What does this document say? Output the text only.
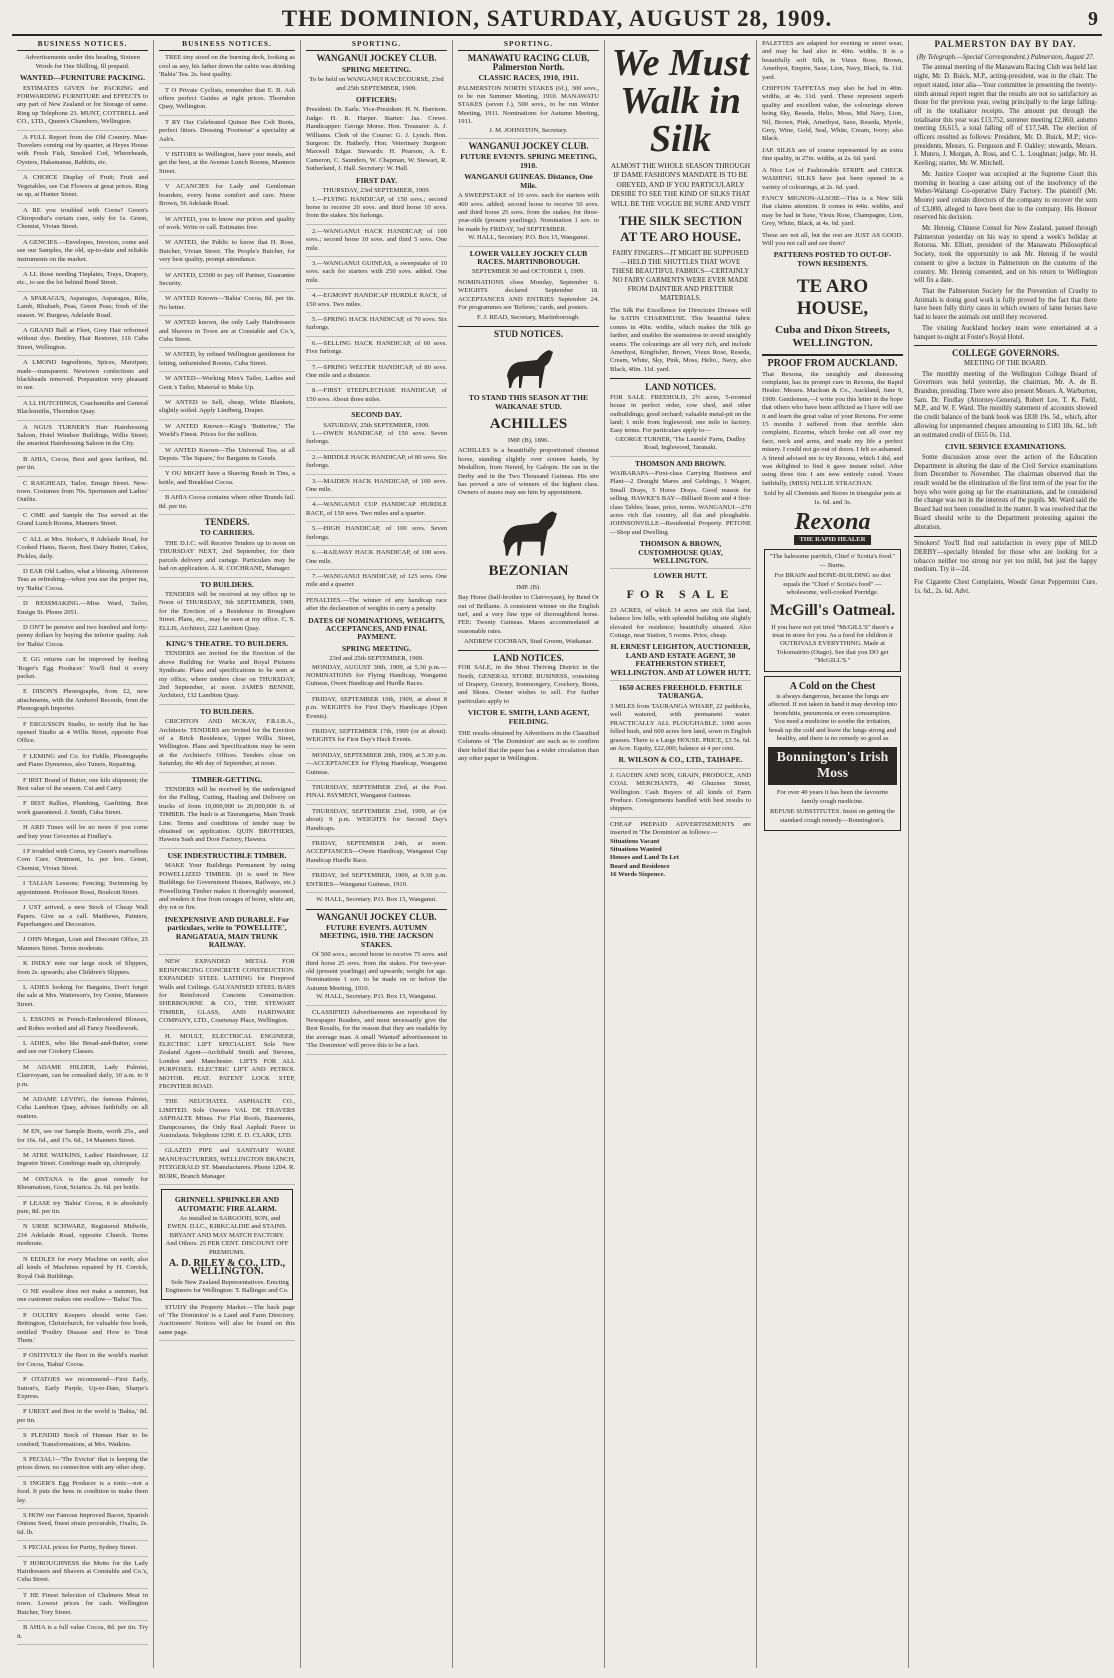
THE DOMINION, SATURDAY, AUGUST 28, 1909.	9
BUSINESS NOTICES.
Advertisements under this heading, Sixteen Words for One Shilling, Ill prepaid.
WANTED—FURNITURE PACKING.

ESTIMATES GIVEN for PACKING and FORWARDING FURNITURE and EFFECTS to any part of New Zealand or for Storage of same. Ring up Telephone 23. MUNT, COTTRELL and CO., LTD., Queen's Chambers, Wellington.

A FULL Report from the Old Country. Man-Travelers coming out by quarter, at Heyes House with Fresh Fish, Smoked Cod, Whereheads, Oysters, Hakamanas, Rabbits, etc.

A CHOICE Display of Fruit; Fruit and Vegetables, see Cut Flowers at great prices. Ring us up, at Hunter Street.

A RE you troubled with Corns? Green's Chiropodist's certain cure, only for 1s. Green, Chemist, Vivian Street.

A GENCIES.—Envelopes, Invoices, come and see our Samples, the old, up-to-date and reliable instruments on the market.

A LL those needing Tinplates, Trays, Drapery, etc., to see the lot behind Bond Street.

A SPARAGUS, Asparagus, Asparagus, Ribs, Lamb, Rhubarb, Peas, Green Peas; fresh of the season. W. Burgess, Adelaide Road.

A GRAND Ball at Fleet, Grey Hair reformed without dye. Bentley, Hair Restorer, 116 Cuba Street, Wellington.

A LMOND Ingredients, Spices, Marzipan; made—transparent. Newtown confections and blackheads removed. Preparation very pleasant to use.

A LL HUTCHINGS, Coachsmiths and General Blacksmiths, Thorndon Quay.

A NGUS TURNER'S Hair Hairdressing Saloon, Hotel Windsor Buildings, Willis Street; the smartest Hairdressing Saloon in the City.

B AHIA, Cocoa, Best and goes farthest, 8d. per tin.

C RAIGHEAD, Tailor, Ensign Street. New-town. Costumes from 70s. Sportsmen and Ladies' Outfits.

C OME and Sample the Tea served at the Grand Lunch Rooms, Manners Street.

C ALL at Mrs. Stoker's, 8 Adelaide Road, for Cooked Hams, Bacon, Best Dairy Butter, Cakes, Pickles, daily.

D EAR Old Ladies, what a blessing. Afternoon Teas as refreshing—when you use the proper tea, try 'Bahia' Cocoa.

D RESSMAKING.—Miss Ward, Tailor, Ensign St. Phone 2051.

D ON'T be pensive and two hundred and forty-penny dollars by buying the inferior quality. Ask for 'Bahia' Cocoa.

E GG returns can be improved by feeding 'Roger's Egg Producer.' You'll find it every packet.

E DISON'S Phonographs, from £2, new attachments, with the Amberol Records, from the Phonograph Importer.

F ERGUSSON Studio, to notify that he has opened Studio at 4 Willis Street, opposite Post Office.

F LEMING and Co. for Fiddle, Phonographs and Piano Dymemos, also Tuners, Repairing.

F IRST Brand of Butter, one kilo shipment; the Best value of the season. Cut and Carry.

F IRST Rallies, Plumbing, Gasfitting. Best work guaranteed. J. Smith, Cuba Street.

H ARD Times will be no more if you come and buy your Groceries at Findlay's.

I F troubled with Corns, try Green's marvellous Corn Cure. Ointment, 1s. per box. Green, Chemist, Vivian Street.

I TALIAN Lessons; Fencing; Swimming by appointment. Professor Rossi, Boulcott Street.

J UST arrived, a new Stock of Cheap Wall Papers. Give us a call. Matthews, Painters, Paperhangers and Decorators.

J OHN Morgan, Loan and Discount Office, 25 Manners Street. Terms moderate.

K INDLY note our large stock of Slippers, from 2s. upwards; also Children's Slippers.

L ADIES looking for Bargains, Don't forget the sale at Mrs. Watterson's, Ivy Centre, Manners Street.

L ESSONS in French-Embroidered Blouses, and Robes worked and all Fancy Needlework.

L ADIES, who like Bread-and-Butter, come and see our Cookery Classes.

M ADAME HILDER, Lady Palmist, Clairvoyant, can be consulted daily, 10 a.m. to 9 p.m.

M ADAME LEVING, the famous Palmist, Cuba Lambton Quay, advises faithfully on all matters.

M EN, see our Sample Boots, worth 25s., and for 16s. 6d., and 17s. 6d., 14 Manners Street.

M ATRE WATKINS, Ladies' Hairdresser, 12 Ingestre Street. Combings made up, chiropody.

M ONTANA is the great remedy for Rheumatism, Gout, Sciatica. 2s. 6d. per bottle.

P LEASE try 'Bahia' Cocoa, it is absolutely pure, 8d. per tin.

N URSE SCHWARZ, Registered Midwife, 234 Adelaide Road, opposite Church. Terms moderate.

N EEDLES for every Machine on earth; also all kinds of Machines repaired by H. Corrick, Royal Oak Buildings.

O NE swallow does not make a summer, but one customer makes one swallow—'Bahia' Tea.

P OULTRY Keepers should write Geo. Bettington, Christchurch, for valuable free book, entitled 'Poultry Disease and How to Treat Them.'

P OSITIVELY the Best in the world's market for Cocoa, 'Bahia' Cocoa.

P OTATOES we recommend—First Early, Sutton's, Early Purple, Up-to-Date, Sharpe's Express.

P UREST and Best in the world is 'Bahia,' 8d. per tin.

S PLENDID Stock of Human Hair to be combed; Transformations, at Mrs. Watkins.

S PECIAL!—'The Evictor' that is keeping the prices down; no connection with any other shop.

S INGER'S Egg Producer is a tonic—not a food. It puts the hens in condition to make them lay.

S HOW our Famous Improved Bacon, Spanish Onions Seed, finest strain procurable, Oxalis, 2s. 6d. lb.

S PECIAL prices for Purity, Sydney Street.

T HOROUGHNESS the Motto for the Lady Hairdressers and Shavers at Constable and Co.'s, Cuba Street.

T HE Finest Selection of Chalmers Meat in town. Lowest prices for cash. Wellington Butcher, Tory Street.

B AHIA is a full value Cocoa, 8d. per tin. Try it.

BUSINESS NOTICES.

TREE tiny stood on the burning deck, looking as cool as any, his father down the cabin was drinking 'Bahia' Tea. 2s. best quality.

T O Private Cyclists, remember that E. B. Ash offers perfect Guides at right prices. Thorndon Quay, Wellington.

T RY Our Celebrated Quinze Bee Colt Boots, perfect fitters. Dressing 'Footwear' a speciality at Ash's.

V ISITORS to Wellington, have your meals, and get the best, at the Avenue Lunch Rooms, Manners Street.

V ACANCIES for Lady and Gentleman boarders, every home comfort and care. Nurse Brown, 56 Adelaide Road.

W ANTED, you to know our prices and quality of work. Write or call. Estimates free.

W ANTED, the Public to know that H. Rose, Butcher, Vivian Street. The People's Butcher, for very best quality, prompt attendance.

W ANTED, £3500 to pay off Partner, Guarantee Security.

W ANTED Known—'Bahia' Cocoa, 8d. per tin. No better.

W ANTED known, the only Lady Hairdressers and Shavers in Town are at Constable and Co.'s, Cuba Street.

W ANTED, by refined Wellington gentlemen for letting, unfurnished Rooms, Cuba Street.

W ANTED—Working Men's Tailor, Ladies and Gent.'s Tailor, Material to Make Up.

W ANTED to Sell, cheap, White Blankets, slightly soiled. Apply Lindberg, Draper.

W ANTED Known—King's 'Butterine,' The World's Finest. Prices for the million.

W ANTED Known—The Universal Tea, at all Depots. 'The Square,' for Bargains in Goods.

Y OU MIGHT have a Shaving Brush in Tins, a kettle, and Breakfast Cocoa.

B AHIA Cocoa contains where other Brands fail. 8d. per tin.

TENDERS.
TO CARRIERS.

THE D.I.C. will Receive Tenders up to noon on THURSDAY NEXT, 2nd September, for their parcels delivery and cartage. Particulars may be had on application. A. R. COCHRANE, Manager.

TO BUILDERS.

TENDERS will be received at my office up to Noon of THURSDAY, 9th SEPTEMBER, 1909, for the Erection of a Residence in Brougham Street. Plans, etc., may be seen at my office. C. S. ELLIS, Architect, 222 Lambton Quay.

KING'S THEATRE. TO BUILDERS.

TENDERS are invited for the Erection of the above Building for Warke and Royal Pictures Syndicate. Plans and specifications to be seen at my office, where tenders close on THURSDAY, 2nd September, at noon. JAMES BENNIE, Architect, 132 Lambton Quay.

TO BUILDERS.

CRICHTON AND MCKAY, F.R.I.B.A., Architects. TENDERS are invited for the Erection of a Brick Residence, Upper Willis Street, Wellington. Plans and Specifications may be seen at the Architect's Offices. Tenders close on Saturday, the 4th day of September, at noon.

TIMBER-GETTING.

TENDERS will be received by the undersigned for the Felling, Cutting, Hauling and Delivery on trucks of from 10,000,000 to 20,000,000 ft. of TIMBER. The bush is at Taurangaroa, Main Trunk Line. Terms and conditions of tender may be obtained on application. QUIN BROTHERS, Hawera Sash and Door Factory, Hawera.

USE INDESTRUCTIBLE TIMBER.

MAKE Your Buildings Permanent by using POWELLIZED TIMBER. (It is used in New Buildings for Government Houses, Railways, etc.) Powellizing Timber makes it thoroughly seasoned, and renders it free from ravages of borer, white ant, dry rot or fire.

INEXPENSIVE AND DURABLE. For particulars, write to 'POWELLITE', RANGATAUA, MAIN TRUNK RAILWAY.

NEW EXPANDED METAL FOR REINFORCING CONCRETE CONSTRUCTION. EXPANDED STEEL LATHING for Fireproof Walls and Ceilings. GALVANISED STEEL BARS for Reinforced Concrete Construction. SHERBOURNE & CO., THE STEWART TIMBER, GLASS, AND HARDWARE COMPANY, LTD., Courtenay Place, Wellington.

H. MOULT, ELECTRICAL ENGINEER, ELECTRIC LIFT SPECIALIST. Sole New Zealand Agent—Archibald Smith and Stevens, London and Manchester. LIFTS FOR ALL PURPOSES. ELECTRIC LIFT AND PETROL MOTOR. PEAT. PATENT LOCK STEP, FRONTIER ROAD.

THE NEUCHATEL ASPHALTE CO., LIMITED. Sole Owners VAL DE TRAVERS ASPHALTE Mines. For Flat Roofs, Basements, Dampcourses, the Only Real Asphalt Paver in Australasia. Telephone 1290. E. D. CLARK, LTD.

GLAZED PIPE and SANITARY WARE MANUFACTURERS, WELLINGTON BRANCH, FITZGERALD ST. Manufacturers. Phone 1204. R. BURK, Branch Manager.

GRINNELL SPRINKLER AND AUTOMATIC FIRE ALARM.

As installed in SARGOOD, SON, and EWEN. D.I.C., KIRKCALDIE and STAINS. BRYANT AND MAY MATCH FACTORY. And Others. 25 PER CENT. DISCOUNT OFF PREMIUMS.

A. D. RILEY & CO., LTD., WELLINGTON.

Sole New Zealand Representatives. Erecting Engineers for Wellington: T. Ballinger and Co.

STUDY the Property Market.—The back page of 'The Dominion' is a Land and Farm Directory. Auctioneers' Notices will also be found on this same page.

SPORTING.
WANGANUI JOCKEY CLUB.
SPRING MEETING.
To be held on WANGANUI RACECOURSE, 23rd and 25th SEPTEMBER, 1909.
OFFICERS:

President: Dr. Earle. Vice-President: H. N. Harrison. Judge: H. R. Harper. Starter: Jas. Crewe. Handicapper: George Morse. Hon. Treasurer: A. J. Williams. Clerk of the Course: G. J. Lynch. Hon. Surgeon: Dr. Hatherly. Hon. Veterinary Surgeon: Maxwell Edgar. Stewards: H. Pearson, A. E. Cameron, C. Saunders, W. Chapman, W. Stewart, R. Sutherland, J. Hall. Secretary: W. Hall.

FIRST DAY.
THURSDAY, 23rd SEPTEMBER, 1909.

1.—FLYING HANDICAP, of 150 sovs.; second horse to receive 20 sovs. and third horse 10 sovs. from the stakes. Six furlongs.

2.—WANGANUI HACK HANDICAP, of 100 sovs.; second horse 10 sovs. and third 5 sovs. One mile.

3.—WANGANUI GUINEAS, a sweepstake of 10 sovs. each for starters with 250 sovs. added. One mile.

4.—EGMONT HANDICAP HURDLE RACE, of 150 sovs. Two miles.

5.—SPRING HACK HANDICAP, of 70 sovs. Six furlongs.

6.—SELLING HACK HANDICAP, of 60 sovs. Five furlongs.

7.—SPRING WELTER HANDICAP, of 80 sovs. One mile and a distance.

8.—FIRST STEEPLECHASE HANDICAP, of 150 sovs. About three miles.

SECOND DAY.
SATURDAY, 25th SEPTEMBER, 1909.

1.—OWEN HANDICAP, of 150 sovs. Seven furlongs.

2.—MIDDLE HACK HANDICAP, of 80 sovs. Six furlongs.

3.—MAIDEN HACK HANDICAP, of 100 sovs. One mile.

4.—WANGANUI CUP HANDICAP HURDLE RACE, of 150 sovs. Two miles and a quarter.

5.—HIGH HANDICAP, of 100 sovs. Seven furlongs.

6.—RAILWAY HACK HANDICAP, of 100 sovs. One mile.

7.—WANGANUI HANDICAP, of 125 sovs. One mile and a quarter.

PENALTIES.—The winner of any handicap race after the declaration of weights to carry a penalty.

DATES OF NOMINATIONS, WEIGHTS, ACCEPTANCES, AND FINAL PAYMENT.
SPRING MEETING.
23rd and 25th SEPTEMBER, 1909.

MONDAY, AUGUST 30th, 1909, at 5.30 p.m.—NOMINATIONS for Flying Handicap, Wanganui Guineas, Owen Handicap and Hurdle Races.

FRIDAY, SEPTEMBER 10th, 1909, at about 8 p.m. WEIGHTS for First Day's Handicaps (Open Events).

FRIDAY, SEPTEMBER 17th, 1909 (or at about). WEIGHTS for First Day's Hack Events.

MONDAY, SEPTEMBER 20th, 1909, at 5.30 p.m.—ACCEPTANCES for Flying Handicap, Wanganui Guineas.

THURSDAY, SEPTEMBER 23rd, at the Post. FINAL PAYMENT, Wanganui Guineas.

THURSDAY, SEPTEMBER 23rd, 1909, at (or about) 9 p.m. WEIGHTS for Second Day's Handicaps.

FRIDAY, SEPTEMBER 24th, at noon. ACCEPTANCES—Owen Handicap, Wanganui Cup Handicap Hurdle Race.

FRIDAY, 3rd SEPTEMBER, 1909, at 9.30 p.m. ENTRIES—Wanganui Guineas, 1910.

W. HALL, Secretary. P.O. Box 15, Wanganui.
WANGANUI JOCKEY CLUB.
FUTURE EVENTS. AUTUMN MEETING, 1910. THE JACKSON STAKES.

Of 500 sovs.; second horse to receive 75 sovs. and third horse 25 sovs. from the stakes. For two-year-old (present yearlings) and upwards; weight for age. Nominations 1 sov. to be made on or before the Autumn Meeting, 1910.

W. HALL, Secretary. P.O. Box 15, Wanganui.

CLASSIFIED Advertisements are reproduced by Newspaper Readers, and must necessarily give the Best Results, for the reason that they are readable by the average man. A small 'Wanted' advertisement in 'The Dominion' will prove this to be a fact.

SPORTING.
MANAWATU RACING CLUB, Palmerston North.
CLASSIC RACES, 1910, 1911.

PALMERSTON NORTH STAKES (6f.), 300 sovs., to be run Summer Meeting, 1910. MANAWATU STAKES (seven f.), 500 sovs., to be run Winter Meeting, 1911. Nominations for Autumn Meeting, 1911.

J. M. JOHNSTON, Secretary.
WANGANUI JOCKEY CLUB.
FUTURE EVENTS. SPRING MEETING, 1910.
WANGANUI GUINEAS. Distance, One Mile.

A SWEEPSTAKE of 10 sovs. each for starters with 400 sovs. added; second horse to receive 50 sovs. and third horse 25 sovs. from the stakes; for three-year-olds (present yearlings). Nomination 1 sov. to be made by FRIDAY, 3rd SEPTEMBER.

W. HALL, Secretary. P.O. Box 15, Wanganui.
LOWER VALLEY JOCKEY CLUB RACES. MARTINBOROUGH.
SEPTEMBER 30 and OCTOBER 1, 1909.

NOMINATIONS close Monday, September 6. WEIGHTS declared September 18. ACCEPTANCES AND ENTRIES September 24. For programmes see 'Referee,' cards, and posters.

F. J. READ, Secretary, Martinborough.
STUD NOTICES.
TO STAND THIS SEASON AT THE WAIKANAE STUD.
ACHILLES
IMP. (B), 1896.

ACHILLES is a beautifully proportioned chestnut horse, standing slightly over sixteen hands, by Medallion, from Nereid, by Galopin. He ran in the Derby and in the Two Thousand Guineas. His sire has proved a sire of winners of the highest class. Owners of mares may see him by appointment.

BEZONIAN
IMP. (B).

Bay Horse (half-brother to Clairvoyant), by Bend Or out of Brillante. A consistent winner on the English turf, and a very fine type of thoroughbred horse. FEE: Twenty Guineas. Mares accommodated at reasonable rates.

ANDREW COCHRAN, Stud Groom, Waikanae.
LAND NOTICES.

FOR SALE, in the Most Thriving District in the North, GENERAL STORE BUSINESS, consisting of Drapery, Grocery, Ironmongery, Crockery, Boots, and Shoes. Owner wishes to sell. For further particulars apply to

VICTOR E. SMITH, LAND AGENT, FEILDING.

THE results obtained by Advertisers in the Classified Columns of 'The Dominion' are such as to confirm their belief that the paper has a wider circulation than any other paper in Wellington.

We Must Walk in Silk

ALMOST THE WHOLE SEASON THROUGH IF DAME FASHION'S MANDATE IS TO BE OBEYED, AND IF YOU PARTICULARLY DESIRE TO SEE THE KIND OF SILKS THAT WILL BE THE VOGUE BE SURE AND VISIT

THE SILK SECTION AT TE ARO HOUSE.

FAIRY FINGERS—IT MIGHT BE SUPPOSED—HELD THE SHUTTLES THAT WOVE THESE BEAUTIFUL FABRICS—CERTAINLY NO FAIRY GARMENTS WERE EVER MADE FROM DAINTIER AND PRETTIER MATERIALS.

The Silk Par Excellence for Directoire Dresses will be SATIN CHARMEUSE. This beautiful fabric comes in 40in. widths, which makes the Silk go farther, and enables the seamstress to avoid unsightly seams. The colourings are all very rich, and include Amethyst, Kingfisher, Brown, Vieux Rose, Reseda, Cream, White, Sky, Pink, Moss, Helio., Navy, also Black, 40in. 11d. yard.

LAND NOTICES.

FOR SALE. FREEHOLD, 2½ acres, 5-roomed house in perfect order, cow shed, and other outbuildings; good orchard; valuable metal-pit on the land; 1 mile from Inglewood; one mile to factory. Easy terms. For particulars apply to—

GEORGE TURNER, 'The Laurels' Farm, Dudley Road, Inglewood, Taranaki.
THOMSON AND BROWN.

WAIRARAPA—First-class Carrying Business and Plant—2 Draught Mares and Geldings, 1 Wagon, Small Drays, 5 Horse Drays. Good reason for selling. HAWKE'S BAY—Billiard Room and 4 first-class Tables; lease, price, terms. WANGANUI—270 acres rich flat country, all flat and ploughable. JOHNSONVILLE—Residential Property. PETONE—Shop and Dwelling.

THOMSON & BROWN, CUSTOMHOUSE QUAY, WELLINGTON.
LOWER HUTT.
FOR SALE

23 ACRES, of which 14 acres are rich flat land, balance low hills, with splendid building site slightly elevated for residence; beautifully situated. Also Cottage, near Station, 5 rooms. Price, cheap.

H. ERNEST LEIGHTON, AUCTIONEER, LAND AND ESTATE AGENT, 30 FEATHERSTON STREET, WELLINGTON. AND AT LOWER HUTT.
1650 ACRES FREEHOLD. FERTILE TAURANGA.

3 MILES from TAURANGA WHARF, 22 paddocks, well watered, with permanent water. PRACTICALLY ALL PLOUGHABLE. 1000 acres felled bush, and 600 acres fern land, sown in English grasses. There is a Large HOUSE. PRICE, £3 5s. 6d. an Acre. Equity, £22,000; balance at 4 per cent.

R. WILSON & CO., LTD., TAIHAPE.

J. GAUDIN AND SON, GRAIN, PRODUCE, AND COAL MERCHANTS, 40 Ghuznee Street, Wellington. Cash Buyers of all kinds of Farm Produce. Consignments handled with best results to shippers.

CHEAP PREPAID ADVERTISEMENTS are inserted in 'The Dominion' as follows:—

Situations Vacant
Situations Wanted
Houses and Land To Let
Board and Residence
16 Words Sixpence.

PALETTES are adapted for evening or street wear, and may be had also in 40in. widths. It is a beautifully soft Silk, in Vieux Rose, Brown, Amethyst, Empire, Saxe, Lion, Navy, Black, 6s. 11d. yard.

CHIFFON TAFFETAS may also be had in 40in. widths, at 4s. 11d. yard. These represent superb quality and excellent value, the colourings shown being Sky, Reseda, Helio, Moss, Mid Navy, Lion, Nil, Brown, Pink, Amethyst, Saxe, Reseda, Myrtle, Grey, Wine, Gold, Seal, White, Cream, Ivory; also Black.

JAP. SILKS are of course represented by an extra fine quality, in 27in. widths, at 2s. 6d. yard.

A Nice Lot of Fashionable STRIPE and CHECK WASHING SILKS have just been opened in a variety of colourings, at 2s. 6d. yard.

FANCY MIGNON-ALSOIE—This is a New Silk that claims attention. It comes in 44in. widths, and may be had in Saxe, Vieux Rose, Champagne, Lion, Grey, White, Black, at 4s. 6d. yard.

These are not all, but the rest are JUST AS GOOD. Will you not call and see them?

PATTERNS POSTED TO OUT-OF-TOWN RESIDENTS.
TE ARO HOUSE,
Cuba and Dixon Streets, WELLINGTON.
PROOF FROM AUCKLAND.

That Rexona, the unsightly and distressing complaint, has its prompt cure in Rexona, the Rapid Healer. Messrs. Maclean & Co., Auckland, June 9, 1909. Gentlemen,—I write you this letter in the hope that others who have been afflicted as I have will use it and learn the great value of your Rexona. For some 15 months I suffered from that terrible skin complaint, Eczema, which broke out all over my face, neck and arms, and made my life a perfect misery. I could not go out of doors. I felt so ashamed. A friend advised me to try Rexona, which I did, and was delighted to find it gave instant relief. After using three tins I am now entirely cured. Yours faithfully, (MISS) NELLIE STRACHAN.

Sold by all Chemists and Stores in triangular pots at 1s. 6d. and 3s.

Rexona
THE RAPID HEALER
"The halesome parritch, Chief o' Scotia's food." — Burns.

For BRAIN and BONE-BUILDING no diet equals the "Chief o' Scotia's food" — wholesome, well-cooked Porridge.

McGill's Oatmeal.

If you have not yet tried "McGILL'S" there's a treat in store for you. As a food for children it OUTRIVALS EVERYTHING. Made at Tokomairiro (Otago). See that you DO get "McGILL'S."

A Cold on the Chest

is always dangerous, because the lungs are affected. If not taken in hand it may develop into bronchitis, pneumonia or even consumption. You need a medicine to soothe the irritation, break up the cold and leave the lungs strong and healthy, and there is no remedy so good as

Bonnington's Irish Moss

For over 40 years it has been the favourite family cough medicine.

REFUSE SUBSTITUTES. Insist on getting the standard cough remedy—Bonnington's.

PALMERSTON DAY BY DAY.
(By Telegraph.—Special Correspondent.) Palmerston, August 27.

The annual meeting of the Manawatu Racing Club was held last night, Mr. D. Buick, M.P., acting-president, was in the chair. The report stated, inter alia—Your committee in presenting the twenty-ninth annual report regret that the results are not so satisfactory as those for the previous year, owing principally to the large falling-off in the totalisator receipts. The amount put through the totalisator this year was £13,752, summer meeting £2,860, autumn meeting £6,615, a total falling off of £17,548. The election of officers resulted as follows: President, Mr. D. Buick, M.P.; vice-presidents, Messrs. G. Ferguson and F. Oakley; stewards, Messrs. J. Munro, J. Morgan, A. Ross, and C. L. Loughnan; judge, Mr. H. Keeling; starter, Mr. W. Mitchell.

Mr. Justice Cooper was occupied at the Supreme Court this morning in hearing a case arising out of the insolvency of the Weber-Waitangi Co-operative Dairy Factory. The plaintiff (Mr. Moore) sued certain directors of the company to recover the sum of £3,000, alleged to have been due to the company. His Honour reserved his decision.

Mr. Hennig, Chinese Consul for New Zealand, passed through Palmerston yesterday on his way to spend a week's holiday at Rotorua. Mr. Elliott, president of the Manawatu Philosophical Society, took the opportunity to ask Mr. Hennig if he would consent to give a lecture in Palmerston on the customs of the country. Mr. Hennig consented, and on his return to Wellington will fix a date.

That the Palmerston Society for the Prevention of Cruelty to Animals is doing good work is fully proved by the fact that there have been fully thirty cases in which owners of lame horses have had to leave the animals out until they recovered.

The visiting Auckland hockey team were entertained at a banquet to-night at Foster's Royal Hotel.

COLLEGE GOVERNORS.
MEETING OF THE BOARD.

The monthly meeting of the Wellington College Board of Governors was held yesterday, the chairman, Mr. A. de B. Brandon, presiding. There were also present Messrs. A. Warburton, Sam. Dr. Findlay (Attorney-General), Robert Lee, T. K. Field, M.P., and W. F. Ward. The monthly statement of accounts showed the credit balance of the bank book was £838 19s. 5d., which, after allowing for unpresented cheques amounting to £183 18s. 6d., left an estimated credit of £655 0s. 11d.

CIVIL SERVICE EXAMINATIONS.

Some discussion arose over the action of the Education Department in altering the date of the Civil Service examinations from December to November. The chairman observed that the result would be the elimination of the first term of the year for the boys who were going up for the examinations, and he considered the change was not in the interests of the pupils. Mr. Ward said the Board had not been consulted in the matter. It was resolved that the Board should write to the Department protesting against the alteration.

Smokers! You'll find real satisfaction in every pipe of MILD DERBY—specially blended for those who are looking for a tobacco neither too strong nor yet too mild, but just the happy medium. Try it—2d.

For Cigarette Chest Complaints, Woods' Great Peppermint Cure, 1s. 6d., 2s. 6d. Advt.
